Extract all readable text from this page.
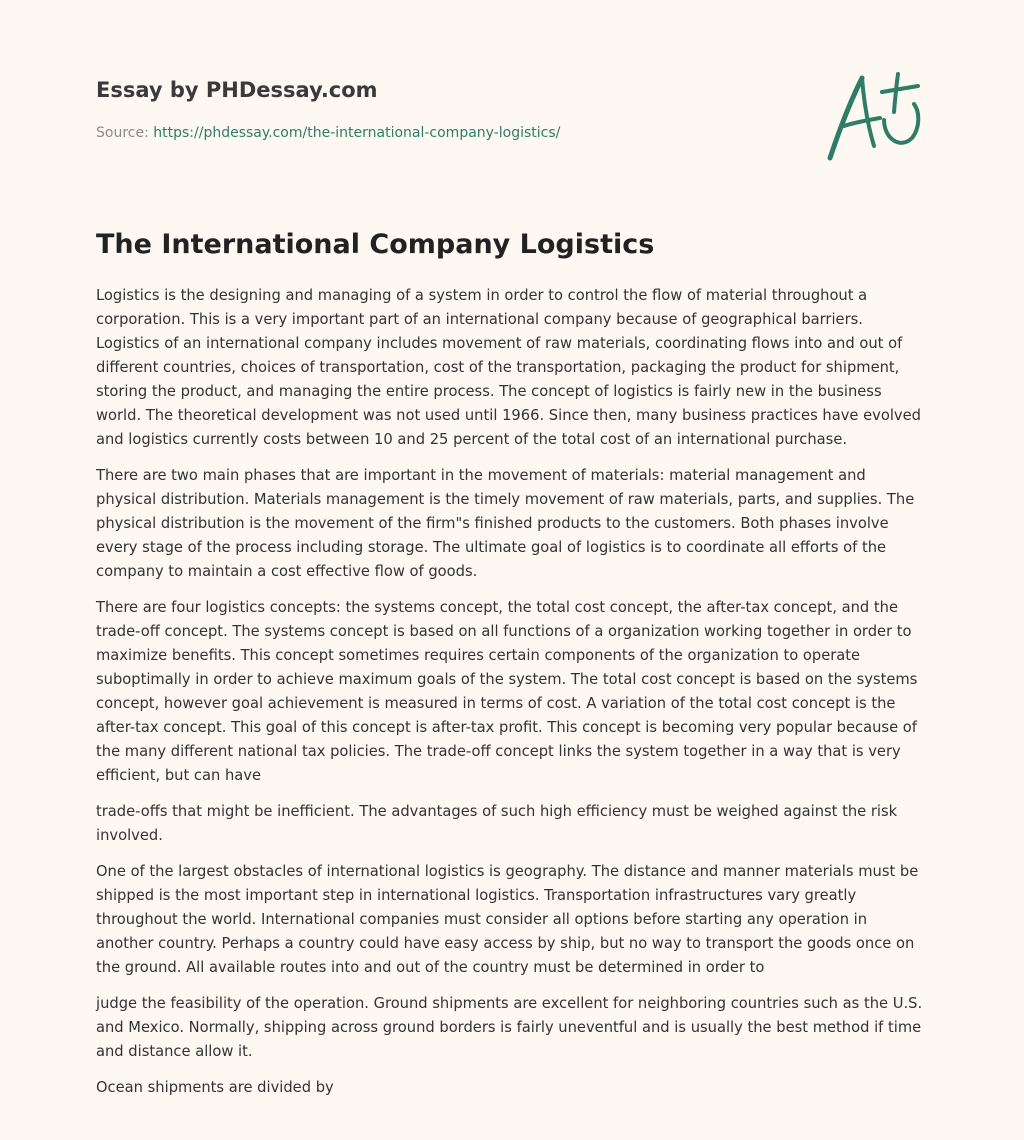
Essay by PHDessay.com
Source: https://phdessay.com/the-international-company-logistics/
The International Company Logistics

Logistics is the designing and managing of a system in order to control the flow of material throughout a corporation. This is a very important part of an international company because of geographical barriers. Logistics of an international company includes movement of raw materials, coordinating flows into and out of different countries, choices of transportation, cost of the transportation, packaging the product for shipment, storing the product, and managing the entire process. The concept of logistics is fairly new in the business world. The theoretical development was not used until 1966. Since then, many business practices have evolved and logistics currently costs between 10 and 25 percent of the total cost of an international purchase.

There are two main phases that are important in the movement of materials: material management and physical distribution. Materials management is the timely movement of raw materials, parts, and supplies. The physical distribution is the movement of the firm"s finished products to the customers. Both phases involve every stage of the process including storage. The ultimate goal of logistics is to coordinate all efforts of the company to maintain a cost effective flow of goods.

There are four logistics concepts: the systems concept, the total cost concept, the after-tax concept, and the trade-off concept. The systems concept is based on all functions of a organization working together in order to maximize benefits. This concept sometimes requires certain components of the organization to operate suboptimally in order to achieve maximum goals of the system. The total cost concept is based on the systems concept, however goal achievement is measured in terms of cost. A variation of the total cost concept is the after-tax concept. This goal of this concept is after-tax profit. This concept is becoming very popular because of the many different national tax policies. The trade-off concept links the system together in a way that is very efficient, but can have

trade-offs that might be inefficient. The advantages of such high efficiency must be weighed against the risk involved.

One of the largest obstacles of international logistics is geography. The distance and manner materials must be shipped is the most important step in international logistics. Transportation infrastructures vary greatly throughout the world. International companies must consider all options before starting any operation in another country. Perhaps a country could have easy access by ship, but no way to transport the goods once on the ground. All available routes into and out of the country must be determined in order to

judge the feasibility of the operation. Ground shipments are excellent for neighboring countries such as the U.S. and Mexico. Normally, shipping across ground borders is fairly uneventful and is usually the best method if time and distance allow it.

Ocean shipments are divided by
